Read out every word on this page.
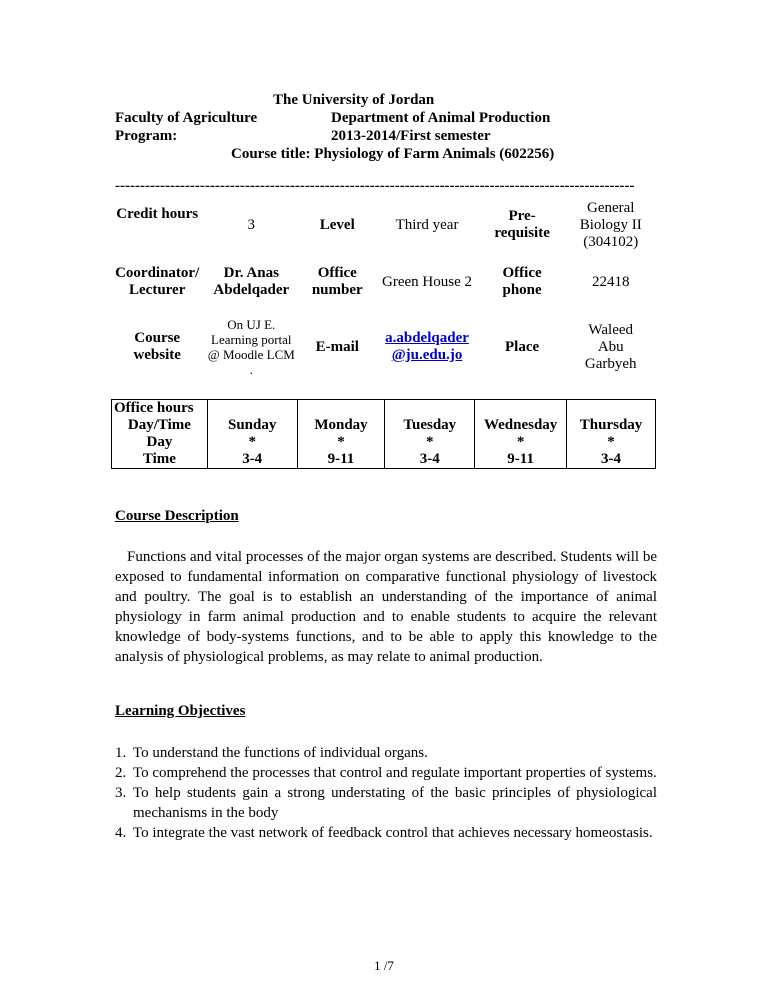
The University of Jordan
Faculty of Agriculture	Department of Animal Production
Program:	2013-2014/First semester
Course title: Physiology of Farm Animals (602256)
--------------------------------------------------------------------------------------------------------
Credit hours	3	Level	Third year	Pre-requisite	General Biology II (304102)
Coordinator/ Lecturer	Dr. Anas Abdelqader	Office number	Green House 2	Office phone	22418
Course website	On UJ E. Learning portal @ Moodle LCM .	E-mail	a.abdelqader @ju.edu.jo	Place	Waleed Abu Garbyeh
Office hours					
Day/Time	Sunday	Monday	Tuesday	Wednesday	Thursday
Day	*	*	*	*	*
Time	3-4	9-11	3-4	9-11	3-4
Course Description
Functions and vital processes of the major organ systems are described. Students will be exposed to fundamental information on comparative functional physiology of livestock and poultry. The goal is to establish an understanding of the importance of animal physiology in farm animal production and to enable students to acquire the relevant knowledge of body-systems functions, and to be able to apply this knowledge to the analysis of physiological problems, as may relate to animal production.
Learning Objectives
1. To understand the functions of individual organs.
2. To comprehend the processes that control and regulate important properties of systems.
3. To help students gain a strong understating of the basic principles of physiological mechanisms in the body
4. To integrate the vast network of feedback control that achieves necessary homeostasis.
1 /7
